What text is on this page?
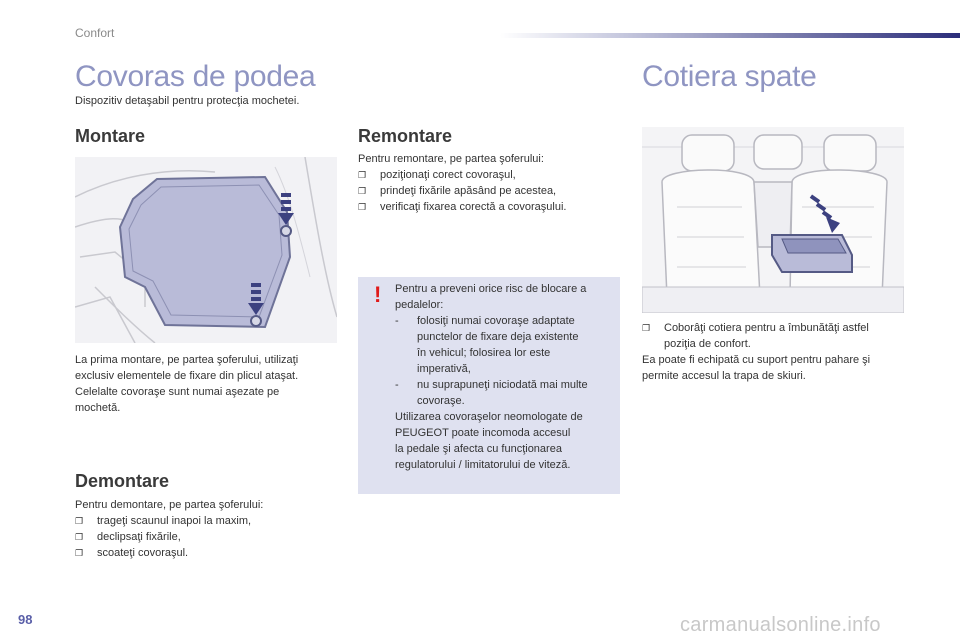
Confort
Covoras de podea
Dispozitiv detaşabil pentru protecţia mochetei.
Montare
La prima montare, pe partea şoferului, utilizaţi
exclusiv elementele de fixare din plicul ataşat.
Celelalte covoraşe sunt numai aşezate pe
mochetă.
Demontare
Pentru demontare, pe partea şoferului:
❐ trageţi scaunul inapoi la maxim,
❐ declipsaţi fixările,
❐ scoateţi covoraşul.
Remontare
Pentru remontare, pe partea şoferului:
❐ poziţionaţi corect covoraşul,
❐ prindeţi fixările apăsând pe acestea,
❐ verificaţi fixarea corectă a covoraşului.
! Pentru a preveni orice risc de blocare a
pedalelor:
- folosiţi numai covoraşe adaptate
punctelor de fixare deja existente
în vehicul; folosirea lor este
imperativă,
- nu suprapuneţi niciodată mai multe
covoraşe.
Utilizarea covoraşelor neomologate de
PEUGEOT poate incomoda accesul
la pedale şi afecta cu funcţionarea
regulatorului / limitatorului de viteză.
Cotiera spate
❐ Coborâţi cotiera pentru a îmbunătăţi astfel
poziţia de confort.
Ea poate fi echipată cu suport pentru pahare şi
permite accesul la trapa de skiuri.
98	carmanualsonline.info
